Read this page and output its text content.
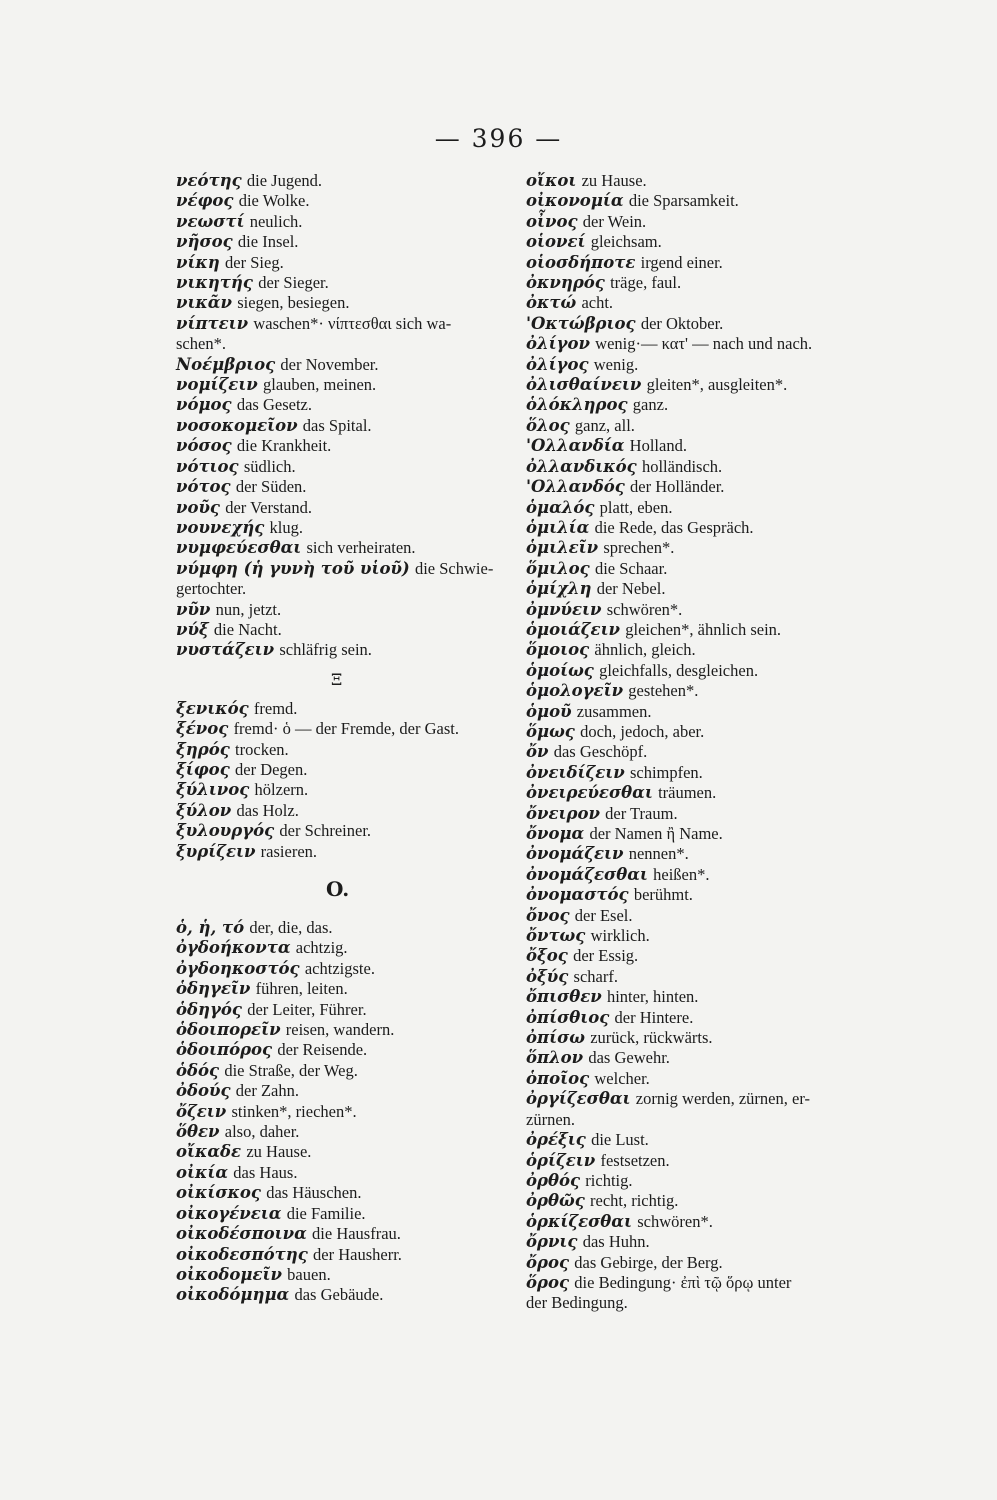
— 396 —
νεότης die Jugend.
νέφος die Wolke.
νεωστί neulich.
νῆσος die Insel.
νίκη der Sieg.
νικητής der Sieger.
νικᾶν siegen, besiegen.
νίπτειν waschen*· νίπτεσθαι sich wa-
schen*.
Νοέμβριος der November.
νομίζειν glauben, meinen.
νόμος das Gesetz.
νοσοκομεῖον das Spital.
νόσος die Krankheit.
νότιος südlich.
νότος der Süden.
νοῦς der Verstand.
νουνεχής klug.
νυμφεύεσθαι sich verheiraten.
νύμφη (ἡ γυνὴ τοῦ υἱοῦ) die Schwie-
gertochter.
νῦν nun, jetzt.
νύξ die Nacht.
νυστάζειν schläfrig sein.
Ξ
ξενικός fremd.
ξένος fremd· ὁ — der Fremde, der Gast.
ξηρός trocken.
ξίφος der Degen.
ξύλινος hölzern.
ξύλον das Holz.
ξυλουργός der Schreiner.
ξυρίζειν rasieren.
O.
ὁ, ἡ, τό der, die, das.
ὀγδοήκοντα achtzig.
ὀγδοηκοστός achtzigste.
ὁδηγεῖν führen, leiten.
ὁδηγός der Leiter, Führer.
ὁδοιπορεῖν reisen, wandern.
ὁδοιπόρος der Reisende.
ὁδός die Straße, der Weg.
ὀδούς der Zahn.
ὄζειν stinken*, riechen*.
ὅθεν also, daher.
οἴκαδε zu Hause.
οἰκία das Haus.
οἰκίσκος das Häuschen.
οἰκογένεια die Familie.
οἰκοδέσποινα die Hausfrau.
οἰκοδεσπότης der Hausherr.
οἰκοδομεῖν bauen.
οἰκοδόμημα das Gebäude.
οἴκοι zu Hause.
οἰκονομία die Sparsamkeit.
οἶνος der Wein.
οἱονεί gleichsam.
οἱοσδήποτε irgend einer.
ὀκνηρός träge, faul.
ὀκτώ acht.
'Οκτώβριος der Oktober.
ὀλίγον wenig·— κατ' — nach und nach.
ὀλίγος wenig.
ὀλισθαίνειν gleiten*, ausgleiten*.
ὁλόκληρος ganz.
ὅλος ganz, all.
'Ολλανδία Holland.
ὀλλανδικός holländisch.
'Ολλανδός der Holländer.
ὁμαλός platt, eben.
ὁμιλία die Rede, das Gespräch.
ὁμιλεῖν sprechen*.
ὅμιλος die Schaar.
ὁμίχλη der Nebel.
ὀμνύειν schwören*.
ὁμοιάζειν gleichen*, ähnlich sein.
ὅμοιος ähnlich, gleich.
ὁμοίως gleichfalls, desgleichen.
ὁμολογεῖν gestehen*.
ὁμοῦ zusammen.
ὅμως doch, jedoch, aber.
ὄν das Geschöpf.
ὀνειδίζειν schimpfen.
ὀνειρεύεσθαι träumen.
ὄνειρον der Traum.
ὄνομα der Namen ἢ Name.
ὀνομάζειν nennen*.
ὀνομάζεσθαι heißen*.
ὀνομαστός berühmt.
ὄνος der Esel.
ὄντως wirklich.
ὄξος der Essig.
ὀξύς scharf.
ὄπισθεν hinter, hinten.
ὀπίσθιος der Hintere.
ὀπίσω zurück, rückwärts.
ὅπλον das Gewehr.
ὁποῖος welcher.
ὀργίζεσθαι zornig werden, zürnen, er-
zürnen.
ὀρέξις die Lust.
ὁρίζειν festsetzen.
ὀρθός richtig.
ὀρθῶς recht, richtig.
ὁρκίζεσθαι schwören*.
ὄρνις das Huhn.
ὄρος das Gebirge, der Berg.
ὅρος die Bedingung· ἐπὶ τῷ ὅρῳ unter
der Bedingung.
